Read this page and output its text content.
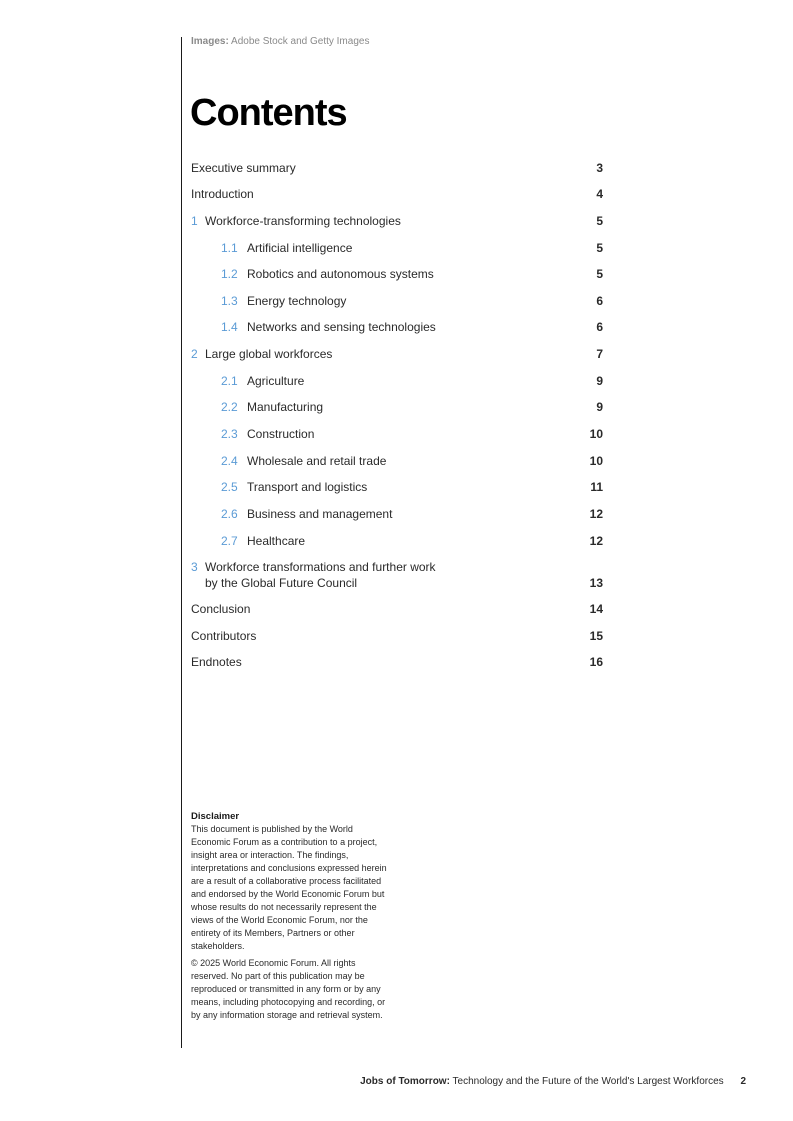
Images: Adobe Stock and Getty Images
Contents
Executive summary	3
Introduction	4
1 Workforce-transforming technologies	5
1.1 Artificial intelligence	5
1.2 Robotics and autonomous systems	5
1.3 Energy technology	6
1.4 Networks and sensing technologies	6
2 Large global workforces	7
2.1 Agriculture	9
2.2 Manufacturing	9
2.3 Construction	10
2.4 Wholesale and retail trade	10
2.5 Transport and logistics	11
2.6 Business and management	12
2.7 Healthcare	12
3 Workforce transformations and further work
by the Global Future Council	13
Conclusion	14
Contributors	15
Endnotes	16
Disclaimer

This document is published by the World Economic Forum as a contribution to a project, insight area or interaction. The findings, interpretations and conclusions expressed herein are a result of a collaborative process facilitated and endorsed by the World Economic Forum but whose results do not necessarily represent the views of the World Economic Forum, nor the entirety of its Members, Partners or other stakeholders.

© 2025 World Economic Forum. All rights reserved. No part of this publication may be reproduced or transmitted in any form or by any means, including photocopying and recording, or by any information storage and retrieval system.

Jobs of Tomorrow: Technology and the Future of the World's Largest Workforces 2
